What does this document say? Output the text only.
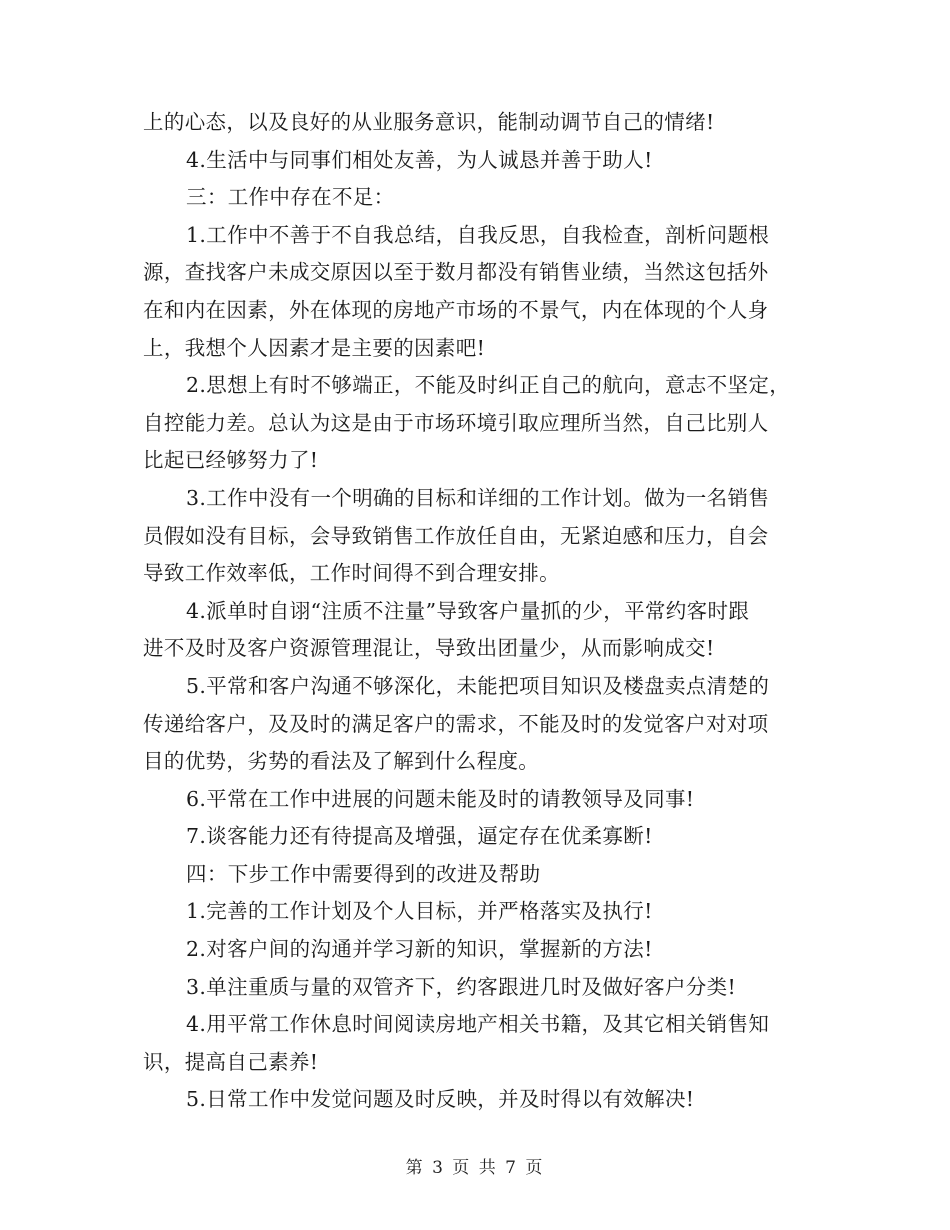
上的心态，以及良好的从业服务意识，能制动调节自己的情绪!
4.生活中与同事们相处友善，为人诚恳并善于助人!
三：工作中存在不足：
1.工作中不善于不自我总结，自我反思，自我检查，剖析问题根
源，查找客户未成交原因以至于数月都没有销售业绩，当然这包括外
在和内在因素，外在体现的房地产市场的不景气，内在体现的个人身
上，我想个人因素才是主要的因素吧!
2.思想上有时不够端正，不能及时纠正自己的航向，意志不坚定，
自控能力差。总认为这是由于市场环境引取应理所当然，自己比别人
比起已经够努力了!
3.工作中没有一个明确的目标和详细的工作计划。做为一名销售
员假如没有目标，会导致销售工作放任自由，无紧迫感和压力，自会
导致工作效率低，工作时间得不到合理安排。
4.派单时自诩“注质不注量”导致客户量抓的少，平常约客时跟
进不及时及客户资源管理混让，导致出团量少，从而影响成交!
5.平常和客户沟通不够深化，未能把项目知识及楼盘卖点清楚的
传递给客户，及及时的满足客户的需求，不能及时的发觉客户对对项
目的优势，劣势的看法及了解到什么程度。
6.平常在工作中进展的问题未能及时的请教领导及同事!
7.谈客能力还有待提高及增强，逼定存在优柔寡断!
四：下步工作中需要得到的改进及帮助
1.完善的工作计划及个人目标，并严格落实及执行!
2.对客户间的沟通并学习新的知识，掌握新的方法!
3.单注重质与量的双管齐下，约客跟进几时及做好客户分类!
4.用平常工作休息时间阅读房地产相关书籍，及其它相关销售知
识，提高自己素养!
5.日常工作中发觉问题及时反映，并及时得以有效解决!
第 3 页 共 7 页
